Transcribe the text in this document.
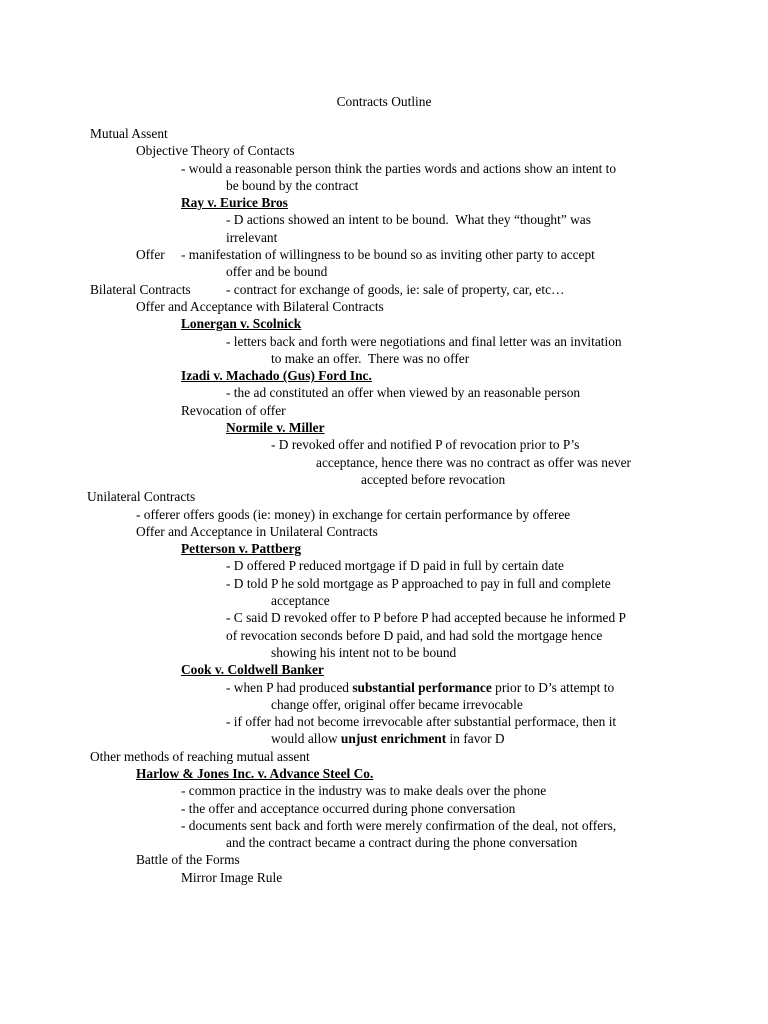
Contracts Outline
Mutual Assent
Objective Theory of Contacts
- would a reasonable person think the parties words and actions show an intent to
be bound by the contract
Ray v. Eurice Bros
- D actions showed an intent to be bound.  What they “thought” was
irrelevant
Offer - manifestation of willingness to be bound so as inviting other party to accept
offer and be bound
Bilateral Contracts	- contract for exchange of goods, ie: sale of property, car, etc…
Offer and Acceptance with Bilateral Contracts
Lonergan v. Scolnick
- letters back and forth were negotiations and final letter was an invitation
to make an offer.  There was no offer
Izadi v. Machado (Gus) Ford Inc.
- the ad constituted an offer when viewed by an reasonable person
Revocation of offer
Normile v. Miller
- D revoked offer and notified P of revocation prior to P’s
acceptance, hence there was no contract as offer was never
accepted before revocation
Unilateral Contracts
- offerer offers goods (ie: money) in exchange for certain performance by offeree
Offer and Acceptance in Unilateral Contracts
Petterson v. Pattberg
- D offered P reduced mortgage if D paid in full by certain date
- D told P he sold mortgage as P approached to pay in full and complete
acceptance
- C said D revoked offer to P before P had accepted because he informed P
of revocation seconds before D paid, and had sold the mortgage hence
showing his intent not to be bound
Cook v. Coldwell Banker
- when P had produced substantial performance prior to D’s attempt to
change offer, original offer became irrevocable
- if offer had not become irrevocable after substantial performace, then it
would allow unjust enrichment in favor D
Other methods of reaching mutual assent
Harlow & Jones Inc. v. Advance Steel Co.
- common practice in the industry was to make deals over the phone
- the offer and acceptance occurred during phone conversation
- documents sent back and forth were merely confirmation of the deal, not offers,
and the contract became a contract during the phone conversation
Battle of the Forms
Mirror Image Rule
